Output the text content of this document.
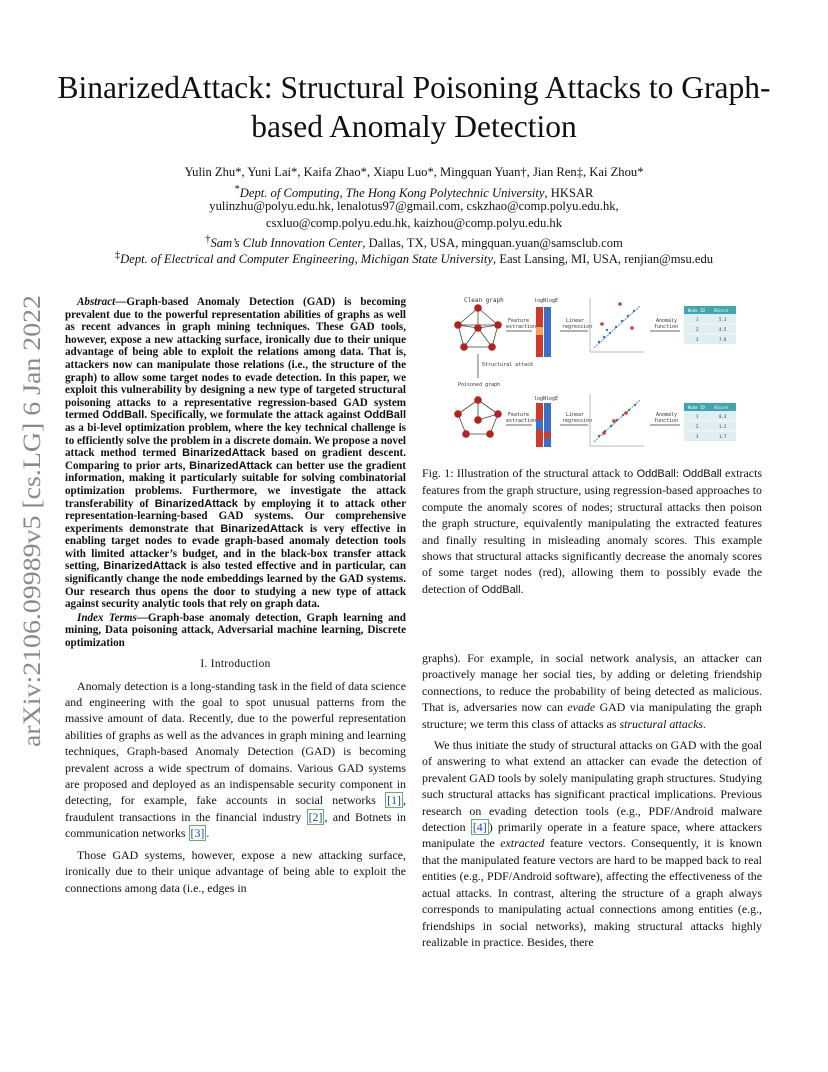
arXiv:2106.09989v5 [cs.LG] 6 Jan 2022
BinarizedAttack: Structural Poisoning Attacks to Graph-based Anomaly Detection
Yulin Zhu*, Yuni Lai*, Kaifa Zhao*, Xiapu Luo*, Mingquan Yuan†, Jian Ren‡, Kai Zhou*
*Dept. of Computing, The Hong Kong Polytechnic University, HKSAR
yulinzhu@polyu.edu.hk, lenalotus97@gmail.com, cskzhao@comp.polyu.edu.hk,
csxluo@comp.polyu.edu.hk, kaizhou@comp.polyu.edu.hk
†Sam’s Club Innovation Center, Dallas, TX, USA, mingquan.yuan@samsclub.com
‡Dept. of Electrical and Computer Engineering, Michigan State University, East Lansing, MI, USA, renjian@msu.edu
Abstract—Graph-based Anomaly Detection (GAD) is becoming prevalent due to the powerful representation abilities of graphs as well as recent advances in graph mining techniques. These GAD tools, however, expose a new attacking surface, ironically due to their unique advantage of being able to exploit the relations among data. That is, attackers now can manipulate those relations (i.e., the structure of the graph) to allow some target nodes to evade detection. In this paper, we exploit this vulnerability by designing a new type of targeted structural poisoning attacks to a representative regression-based GAD system termed OddBall. Specifically, we formulate the attack against OddBall as a bi-level optimization problem, where the key technical challenge is to efficiently solve the problem in a discrete domain. We propose a novel attack method termed BinarizedAttack based on gradient descent. Comparing to prior arts, BinarizedAttack can better use the gradient information, making it particularly suitable for solving combinatorial optimization problems. Furthermore, we investigate the attack transferability of BinarizedAttack by employing it to attack other representation-learning-based GAD systems. Our comprehensive experiments demonstrate that BinarizedAttack is very effective in enabling target nodes to evade graph-based anomaly detection tools with limited attacker’s budget, and in the black-box transfer attack setting, BinarizedAttack is also tested effective and in particular, can significantly change the node embeddings learned by the GAD systems. Our research thus opens the door to studying a new type of attack against security analytic tools that rely on graph data.
Index Terms—Graph-base anomaly detection, Graph learning and mining, Data poisoning attack, Adversarial machine learning, Discrete optimization
I. Introduction

Anomaly detection is a long-standing task in the field of data science and engineering with the goal to spot unusual patterns from the massive amount of data. Recently, due to the powerful representation abilities of graphs as well as the advances in graph mining and learning techniques, Graph-based Anomaly Detection (GAD) is becoming prevalent across a wide spectrum of domains. Various GAD systems are proposed and deployed as an indispensable security component in detecting, for example, fake accounts in social networks [1] , fraudulent transactions in the financial industry [2] , and Botnets in communication networks [3] .

Those GAD systems, however, expose a new attacking surface, ironically due to their unique advantage of being able to exploit the connections among data (i.e., edges in

Clean graph	logNlogE
Feature
extraction
Linear
regression
Anomaly
function
Node ID AScore
1	5.1
2	4.5
3	7.6
Structural attack
Poisoned graph
logNlogE
Feature
extraction
Linear
regression
Anomaly
function
Node ID AScore
1	0.3
2	1.2
3	1.7
Fig. 1: Illustration of the structural attack to OddBall: OddBall extracts features from the graph structure, using regression-based approaches to compute the anomaly scores of nodes; structural attacks then poison the graph structure, equivalently manipulating the extracted features and finally resulting in misleading anomaly scores. This example shows that structural attacks significantly decrease the anomaly scores of some target nodes (red), allowing them to possibly evade the detection of OddBall.

graphs). For example, in social network analysis, an attacker can proactively manage her social ties, by adding or deleting friendship connections, to reduce the probability of being detected as malicious. That is, adversaries now can evade GAD via manipulating the graph structure; we term this class of attacks as structural attacks.

We thus initiate the study of structural attacks on GAD with the goal of answering to what extend an attacker can evade the detection of prevalent GAD tools by solely manipulating graph structures. Studying such structural attacks has significant practical implications. Previous research on evading detection tools (e.g., PDF/Android malware detection [4] ) primarily operate in a feature space, where attackers manipulate the extracted feature vectors. Consequently, it is known that the manipulated feature vectors are hard to be mapped back to real entities (e.g., PDF/Android software), affecting the effectiveness of the actual attacks. In contrast, altering the structure of a graph always corresponds to manipulating actual connections among entities (e.g., friendships in social networks), making structural attacks highly realizable in practice. Besides, there
